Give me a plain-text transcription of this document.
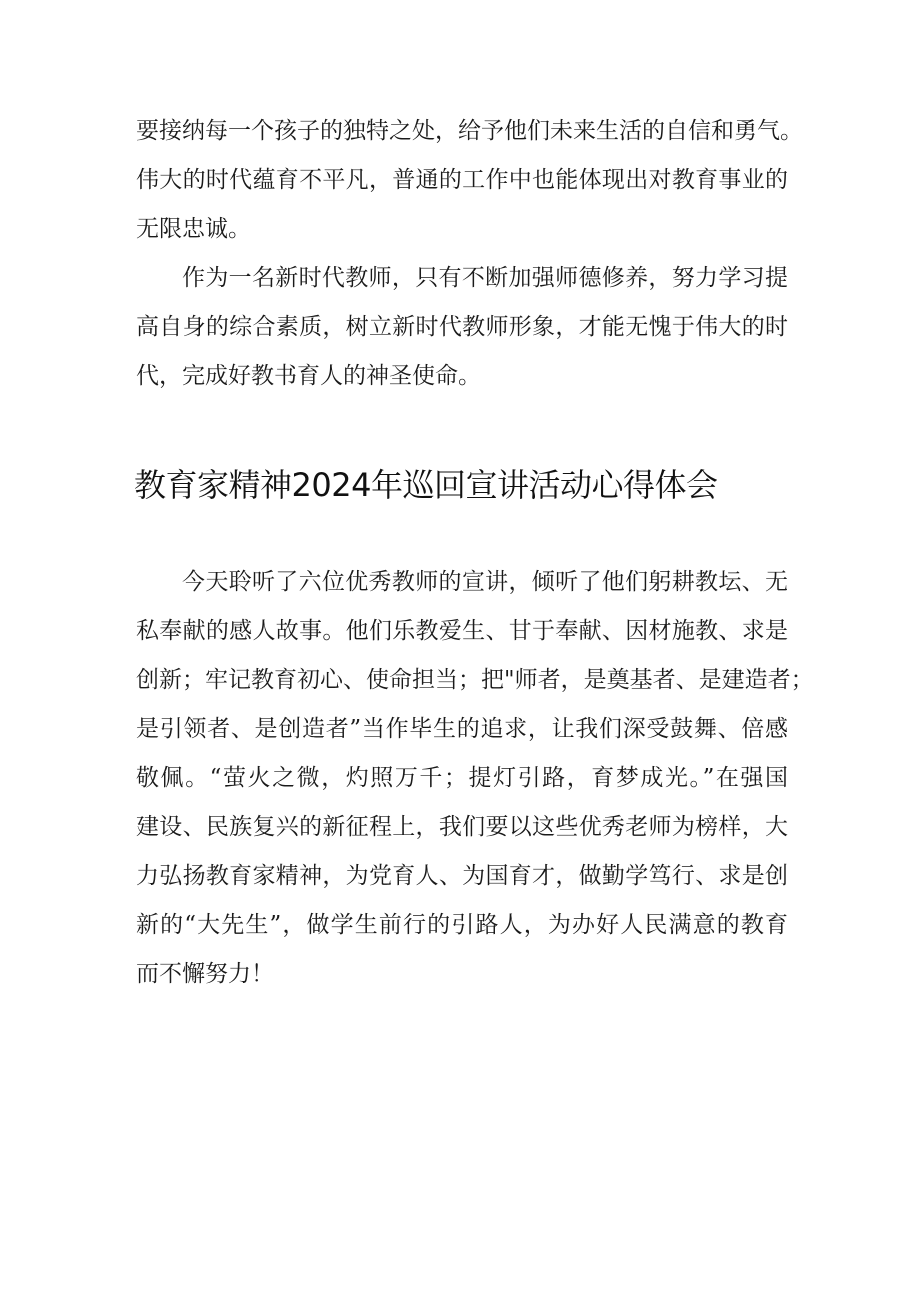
要接纳每一个孩子的独特之处，给予他们未来生活的自信和勇气。
伟大的时代蕴育不平凡，普通的工作中也能体现出对教育事业的
无限忠诚。
作为一名新时代教师，只有不断加强师德修养，努力学习提
高自身的综合素质，树立新时代教师形象，才能无愧于伟大的时
代，完成好教书育人的神圣使命。
教育家精神2024年巡回宣讲活动心得体会
今天聆听了六位优秀教师的宣讲，倾听了他们躬耕教坛、无
私奉献的感人故事。他们乐教爱生、甘于奉献、因材施教、求是
创新；牢记教育初心、使命担当；把"师者，是奠基者、是建造者；
是引领者、是创造者”当作毕生的追求，让我们深受鼓舞、倍感
敬佩。“萤火之微，灼照万千；提灯引路，育梦成光。”在强国
建设、民族复兴的新征程上，我们要以这些优秀老师为榜样，大
力弘扬教育家精神，为党育人、为国育才，做勤学笃行、求是创
新的“大先生”，做学生前行的引路人，为办好人民满意的教育
而不懈努力！
